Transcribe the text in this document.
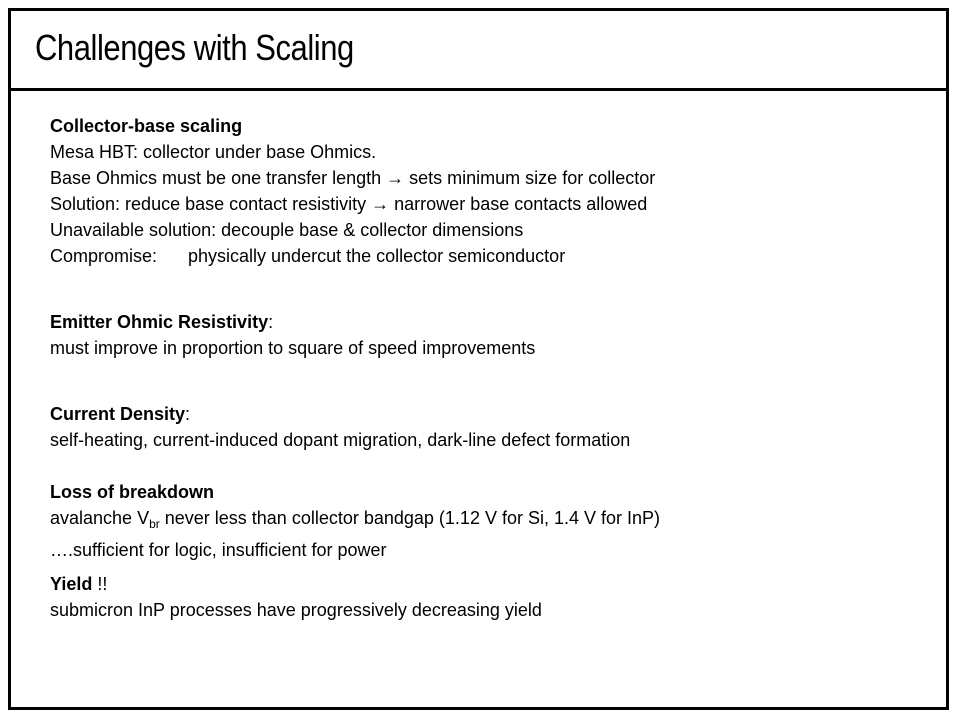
Challenges with Scaling
Collector-base scaling

Mesa HBT: collector under base Ohmics.

Base Ohmics must be one transfer length → sets minimum size for collector

Solution: reduce base contact resistivity → narrower base contacts allowed

Unavailable solution: decouple base & collector dimensions

Compromise: physically undercut the collector semiconductor

Emitter Ohmic Resistivity:

must improve in proportion to square of speed improvements

Current Density:

self-heating, current-induced dopant migration, dark-line defect formation

Loss of breakdown

avalanche $V_{br}$ never less than collector bandgap (1.12 V for Si, 1.4 V for InP)

….sufficient for logic, insufficient for power

Yield !!

submicron InP processes have progressively decreasing yield
